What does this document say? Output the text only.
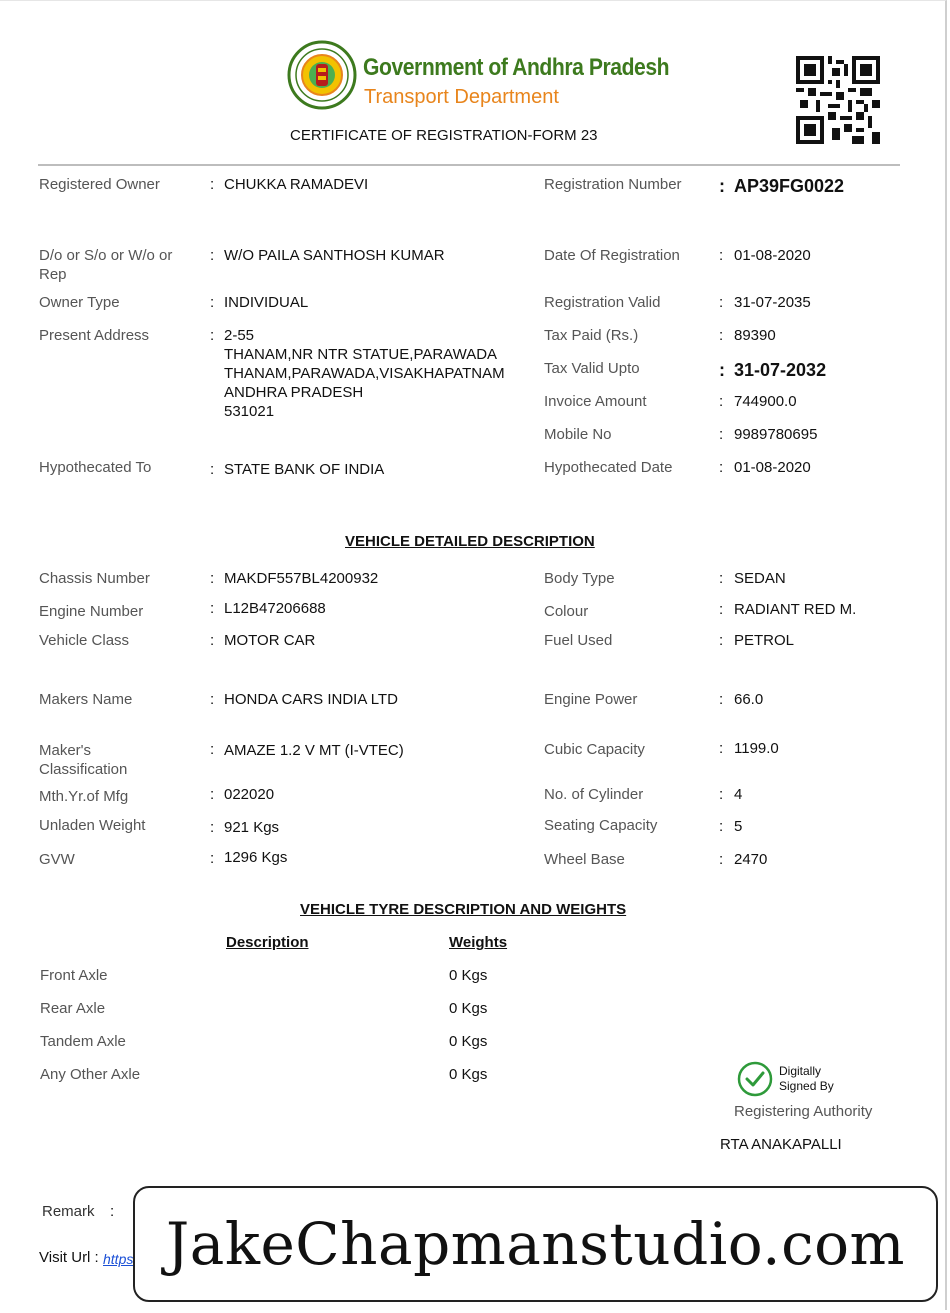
Government of Andhra Pradesh
Transport Department
CERTIFICATE OF REGISTRATION-FORM 23
Registered Owner	: CHUKKA RAMADEVI
D/o or S/o or W/o or
Rep
: W/O PAILA SANTHOSH KUMAR
Owner Type	: INDIVIDUAL
Present Address	: 2-55
THANAM,NR NTR STATUE,PARAWADA
THANAM,PARAWADA,VISAKHAPATNAM
ANDHRA PRADESH
531021
Hypothecated To	: STATE BANK OF INDIA
Registration Number : AP39FG0022
Date Of Registration	: 01-08-2020
Registration Valid	: 31-07-2035
Tax Paid (Rs.)	: 89390
Tax Valid Upto	: 31-07-2032
Invoice Amount	: 744900.0
Mobile No	: 9989780695
Hypothecated Date	: 01-08-2020
VEHICLE DETAILED DESCRIPTION
Chassis Number	: MAKDF557BL4200932
Engine Number	: L12B47206688
Vehicle Class	: MOTOR CAR
Makers Name	: HONDA CARS INDIA LTD
Maker's
Classification
: AMAZE 1.2 V MT (I-VTEC)
Mth.Yr.of Mfg	: 022020
Unladen Weight	: 921 Kgs
GVW	: 1296 Kgs
Body Type	: SEDAN
Colour	: RADIANT RED M.
Fuel Used	: PETROL
Engine Power	: 66.0
Cubic Capacity	: 1199.0
No. of Cylinder	: 4
Seating Capacity	: 5
Wheel Base	: 2470
VEHICLE TYRE DESCRIPTION AND WEIGHTS
Description	Weights
Front Axle	0 Kgs
Rear Axle	0 Kgs
Tandem Axle	0 Kgs
Any Other Axle	0 Kgs	Digitally
Signed By
Registering Authority
RTA ANAKAPALLI
Remark :
Visit Url : https JakeChapmanstudio.com
